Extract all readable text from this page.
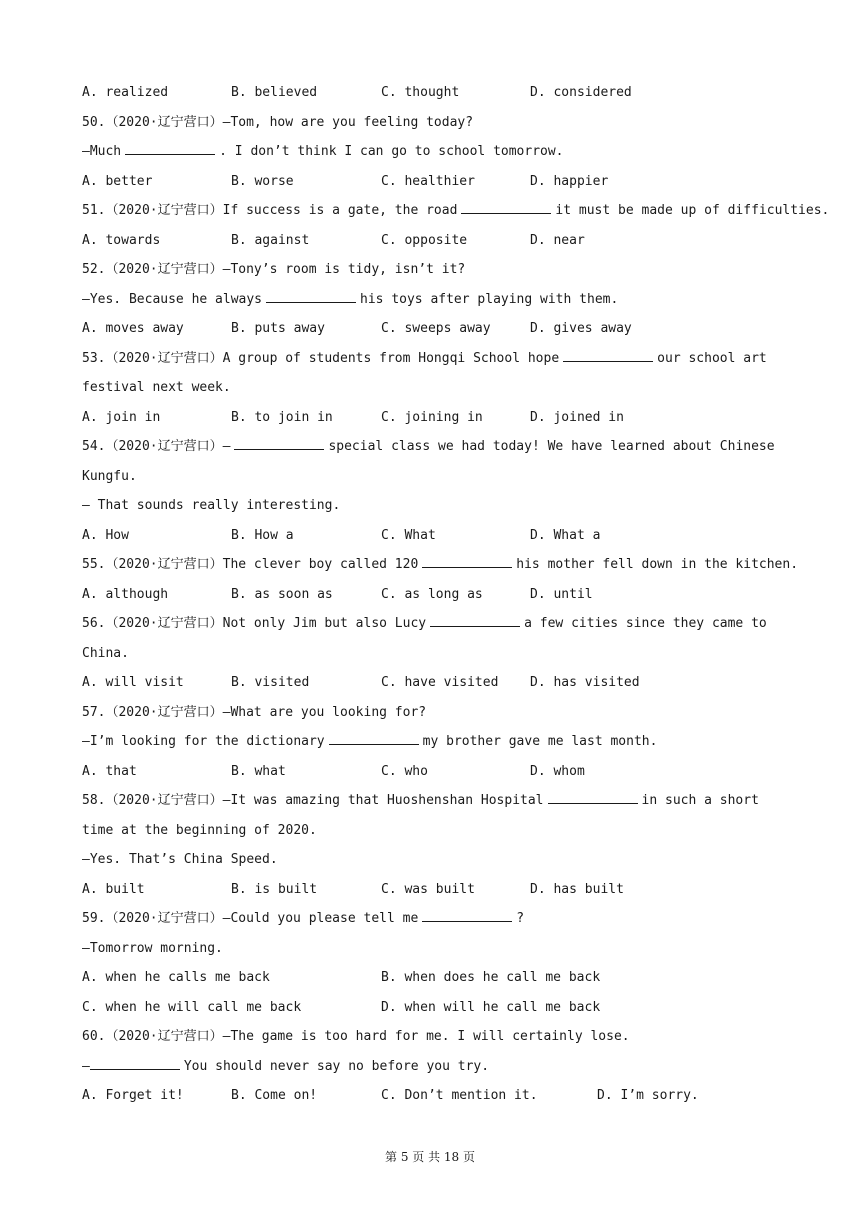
A. realized	B. believed	C. thought	D. considered
50.（2020·辽宁营口）—Tom, how are you feeling today?
—Much	. I don’t think I can go to school tomorrow.
A. better	B. worse	C. healthier	D. happier
51.（2020·辽宁营口）If success is a gate, the road	it must be made up of difficulties.
A. towards	B. against	C. opposite	D. near
52.（2020·辽宁营口）—Tony’s room is tidy, isn’t it?
—Yes. Because he always	his toys after playing with them.
A. moves away	B. puts away	C. sweeps away	D. gives away
53.（2020·辽宁营口）A group of students from Hongqi School hope	our school art
festival next week.
A. join in	B. to join in	C. joining in	D. joined in
54.（2020·辽宁营口）—	special class we had today! We have learned about Chinese
Kungfu.
— That sounds really interesting.
A. How	B. How a	C. What	D. What a
55.（2020·辽宁营口）The clever boy called 120	his mother fell down in the kitchen.
A. although	B. as soon as	C. as long as	D. until
56.（2020·辽宁营口）Not only Jim but also Lucy	a few cities since they came to
China.
A. will visit	B. visited	C. have visited D. has visited
57.（2020·辽宁营口）—What are you looking for?
—I’m looking for the dictionary	my brother gave me last month.
A. that	B. what	C. who	D. whom
58.（2020·辽宁营口）—It was amazing that Huoshenshan Hospital	in such a short
time at the beginning of 2020.
—Yes. That’s China Speed.
A. built	B. is built	C. was built	D. has built
59.（2020·辽宁营口）—Could you please tell me	?
—Tomorrow morning.
A. when he calls me back	B. when does he call me back
C. when he will call me back	D. when will he call me back
60.（2020·辽宁营口）—The game is too hard for me. I will certainly lose.
—	You should never say no before you try.
A. Forget it!	B. Come on!	C. Don’t mention it.	D. I’m sorry.
第 5 页 共 18 页
